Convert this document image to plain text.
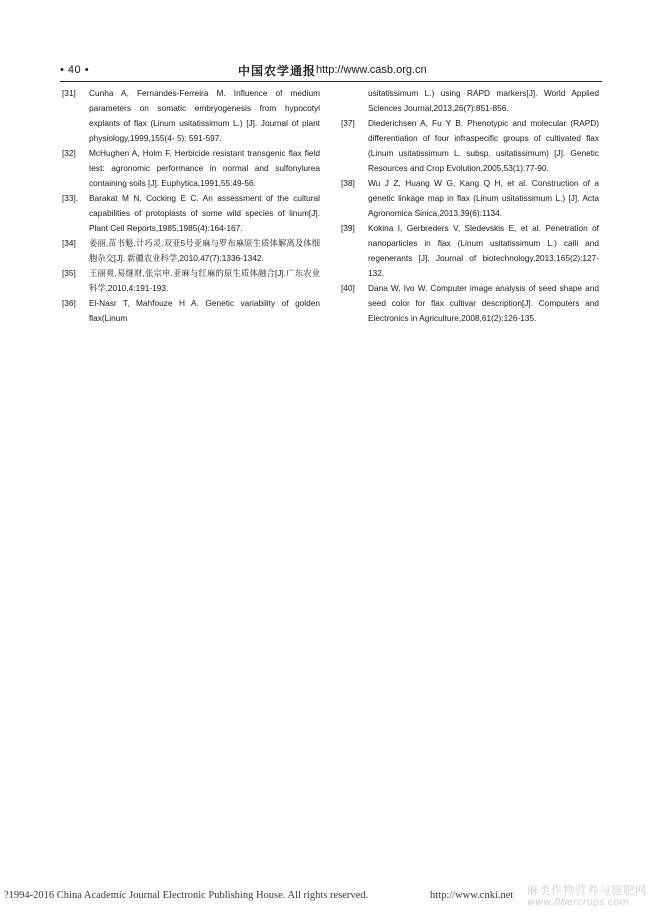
• 40 •	中国农学通报 http://www.casb.org.cn

[31]	Cunha A, Fernandes-Ferreira M. Influence of medium parameters on somatic embryogenesis from hypocotyl explants of flax (Linum usitatissimum L.) [J]. Journal of plant physiology,1999,155(4- 5): 591-597.

[32]	McHughen A, Holm F. Herbicide resistant transgenic flax field test: agronomic performance in normal and sulfonylurea containing soils [J]. Euphytica,1991,55:49-56.

[33].	Barakat M N, Cocking E C. An assessment of the cultural capabilities of protoplasts of some wild species of linum[J]. Plant Cell Reports,1985,1985(4):164-167.

[34]	姜丽,苗书魁,计巧灵.双亚5号亚麻与罗布麻原生质体解离及体细胞杂交[J]. 新疆农业科学,2010,47(7):1336-1342.

[35]	王丽爽,易继财,张宗申.亚麻与红麻的原生质体融合[J].广东农业科学,2010,4:191-193.

[36]	El-Nasr T, Mahfouze H A. Genetic variability of golden flax(Linum

usitatissimum L.) using RAPD markers[J]. World Applied Sciences Journal,2013,26(7):851-856.

[37]	Diederichsen A, Fu Y B. Phenotypic and molecular (RAPD) differentiation of four infraspecific groups of cultivated flax (Linum usitatissimum L. subsp. usitatissimum) [J]. Genetic Resources and Crop Evolution,2005,53(1):77-90.

[38]	Wu J Z, Huang W G, Kang Q H, et al. Construction of a genetic linkage map in flax (Linum usitatissimum L.) [J]. Acta Agronomica Sinica,2013,39(6):1134.

[39]	Kokina I, Gerbreders V, Sledevskis E, et al. Penetration of nanoparticles in flax (Linum usitatissimum L.) calli and regenerants [J]. Journal of biotechnology,2013,165(2):127-132.

[40]	Dana W, Ivo W. Computer image analysis of seed shape and seed color for flax cultivar description[J]. Computers and Electronics in Agriculture,2008,61(2):126-135.

?1994-2016 China Academic Journal Electronic Publishing House. All rights reserved.	http://www.cnki.net 麻类作物营养与施肥网
www.fibercrops.com
